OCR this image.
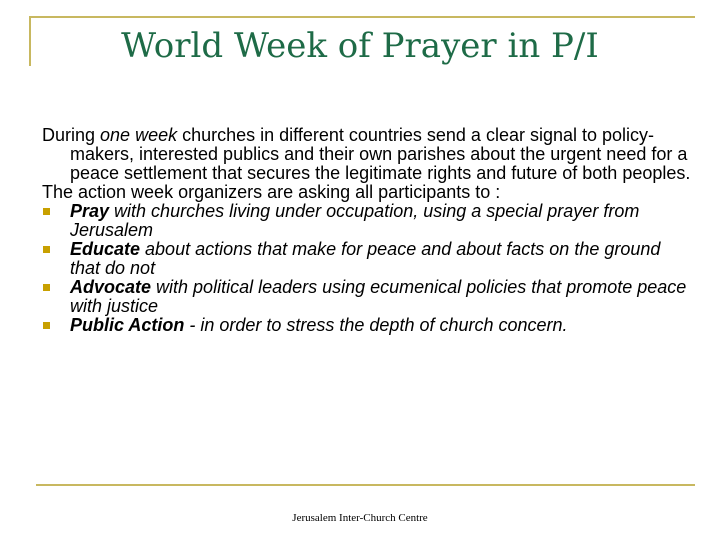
World Week of Prayer in P/I

During one week churches in different countries send a clear signal to policy-makers, interested publics and their own parishes about the urgent need for a peace settlement that secures the legitimate rights and future of both peoples.

The action week organizers are asking all participants to :

Pray with churches living under occupation, using a special prayer from Jerusalem
Educate about actions that make for peace and about facts on the ground that do not
Advocate with political leaders using ecumenical policies that promote peace with justice
Public Action - in order to stress the depth of church concern.
Jerusalem Inter-Church Centre
